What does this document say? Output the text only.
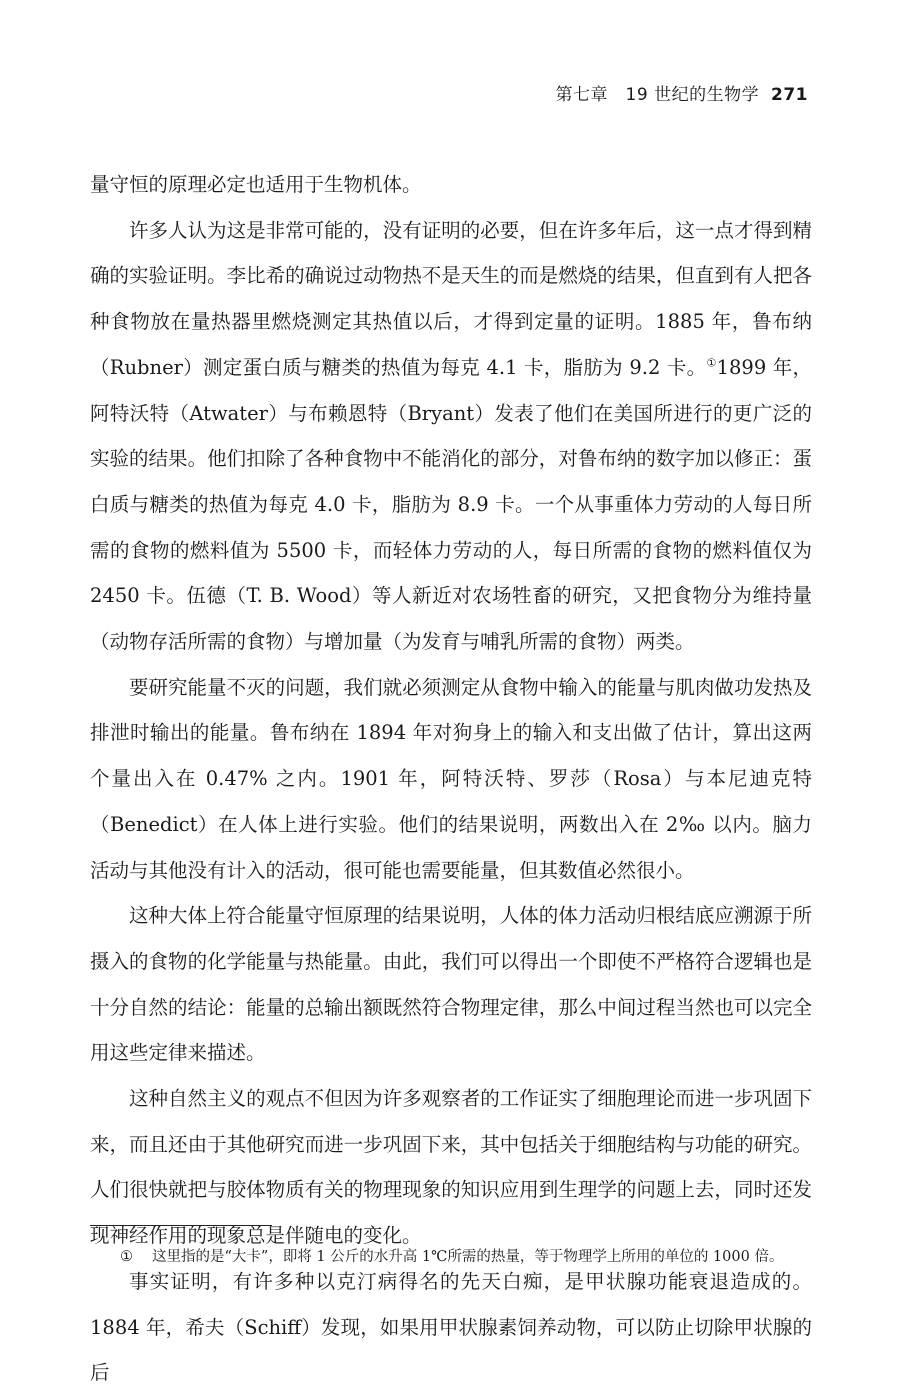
第七章　19 世纪的生物学 271

量守恒的原理必定也适用于生物机体。

许多人认为这是非常可能的，没有证明的必要，但在许多年后，这一点才得到精确的实验证明。李比希的确说过动物热不是天生的而是燃烧的结果，但直到有人把各种食物放在量热器里燃烧测定其热值以后，才得到定量的证明。1885 年，鲁布纳（Rubner）测定蛋白质与糖类的热值为每克 4.1 卡，脂肪为 9.2 卡。①1899 年，阿特沃特（Atwater）与布赖恩特（Bryant）发表了他们在美国所进行的更广泛的实验的结果。他们扣除了各种食物中不能消化的部分，对鲁布纳的数字加以修正：蛋白质与糖类的热值为每克 4.0 卡，脂肪为 8.9 卡。一个从事重体力劳动的人每日所需的食物的燃料值为 5500 卡，而轻体力劳动的人，每日所需的食物的燃料值仅为 2450 卡。伍德（T. B. Wood）等人新近对农场牲畜的研究，又把食物分为维持量（动物存活所需的食物）与增加量（为发育与哺乳所需的食物）两类。

要研究能量不灭的问题，我们就必须测定从食物中输入的能量与肌肉做功发热及排泄时输出的能量。鲁布纳在 1894 年对狗身上的输入和支出做了估计，算出这两个量出入在 0.47% 之内。1901 年，阿特沃特、罗莎（Rosa）与本尼迪克特（Benedict）在人体上进行实验。他们的结果说明，两数出入在 2‰ 以内。脑力活动与其他没有计入的活动，很可能也需要能量，但其数值必然很小。

这种大体上符合能量守恒原理的结果说明，人体的体力活动归根结底应溯源于所摄入的食物的化学能量与热能量。由此，我们可以得出一个即使不严格符合逻辑也是十分自然的结论：能量的总输出额既然符合物理定律，那么中间过程当然也可以完全用这些定律来描述。

这种自然主义的观点不但因为许多观察者的工作证实了细胞理论而进一步巩固下来，而且还由于其他研究而进一步巩固下来，其中包括关于细胞结构与功能的研究。人们很快就把与胶体物质有关的物理现象的知识应用到生理学的问题上去，同时还发现神经作用的现象总是伴随电的变化。

事实证明，有许多种以克汀病得名的先天白痴，是甲状腺功能衰退造成的。1884 年，希夫（Schiff）发现，如果用甲状腺素饲养动物，可以防止切除甲状腺的后

① 这里指的是“大卡”，即将 1 公斤的水升高 1℃所需的热量，等于物理学上所用的单位的 1000 倍。
